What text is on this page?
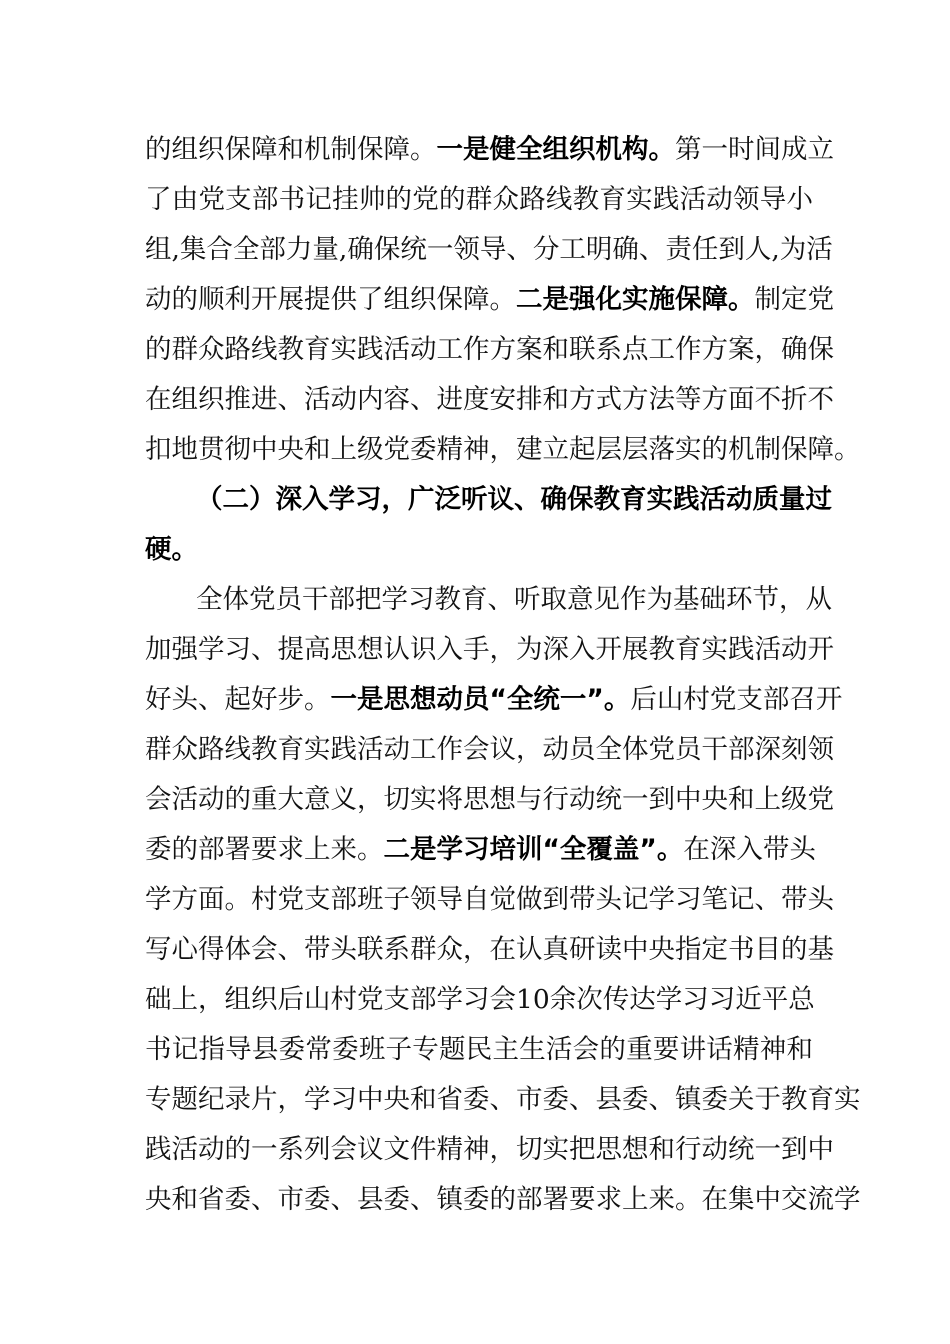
的组织保障和机制保障。一是健全组织机构。第一时间成立
了由党支部书记挂帅的党的群众路线教育实践活动领导小
组,集合全部力量,确保统一领导、分工明确、责任到人,为活
动的顺利开展提供了组织保障。二是强化实施保障。制定党
的群众路线教育实践活动工作方案和联系点工作方案，确保
在组织推进、活动内容、进度安排和方式方法等方面不折不
扣地贯彻中央和上级党委精神，建立起层层落实的机制保障。
（二）深入学习，广泛听议、确保教育实践活动质量过
硬。
全体党员干部把学习教育、听取意见作为基础环节，从
加强学习、提高思想认识入手，为深入开展教育实践活动开
好头、起好步。一是思想动员“全统一”。后山村党支部召开
群众路线教育实践活动工作会议，动员全体党员干部深刻领
会活动的重大意义，切实将思想与行动统一到中央和上级党
委的部署要求上来。二是学习培训“全覆盖”。在深入带头
学方面。村党支部班子领导自觉做到带头记学习笔记、带头
写心得体会、带头联系群众，在认真研读中央指定书目的基
础上，组织后山村党支部学习会10余次传达学习习近平总
书记指导县委常委班子专题民主生活会的重要讲话精神和
专题纪录片，学习中央和省委、市委、县委、镇委关于教育实
践活动的一系列会议文件精神，切实把思想和行动统一到中
央和省委、市委、县委、镇委的部署要求上来。在集中交流学
